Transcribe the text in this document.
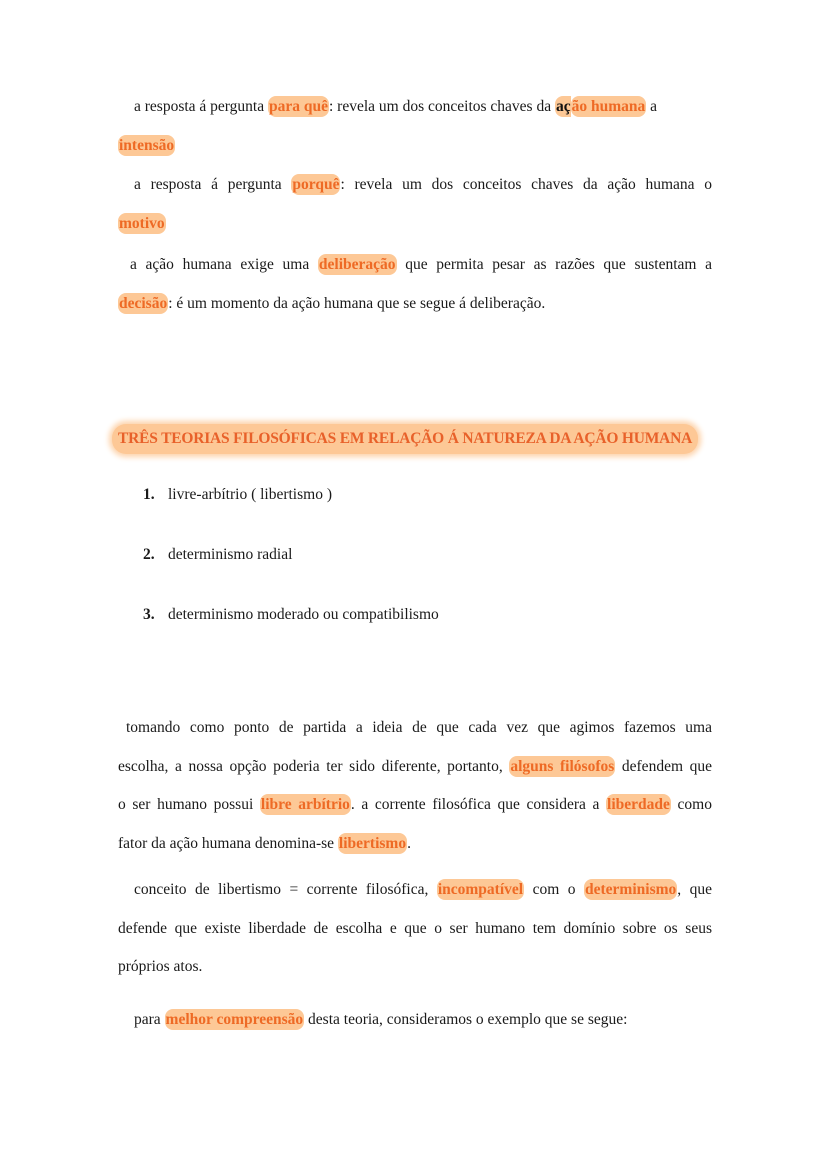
a resposta á pergunta para quê: revela um dos conceitos chaves da ação humana a
intensão
a resposta á pergunta porquê: revela um dos conceitos chaves da ação humana o
motivo
a ação humana exige uma deliberação que permita pesar as razões que sustentam a
decisão: é um momento da ação humana que se segue á deliberação.
tomando como ponto de partida a ideia de que cada vez que agimos fazemos uma
escolha, a nossa opção poderia ter sido diferente, portanto, alguns filósofos defendem que
o ser humano possui libre arbítrio. a corrente filosófica que considera a liberdade como
fator da ação humana denomina-se libertismo.
conceito de libertismo = corrente filosófica, incompatível com o determinismo, que
defende que existe liberdade de escolha e que o ser humano tem domínio sobre os seus
próprios atos.
para melhor compreensão desta teoria, consideramos o exemplo que se segue:
TRÊS TEORIAS FILOSÓFICAS EM RELAÇÃO Á NATUREZA DA AÇÃO HUMANA
1. livre-arbítrio ( libertismo )
2. determinismo radial
3. determinismo moderado ou compatibilismo
